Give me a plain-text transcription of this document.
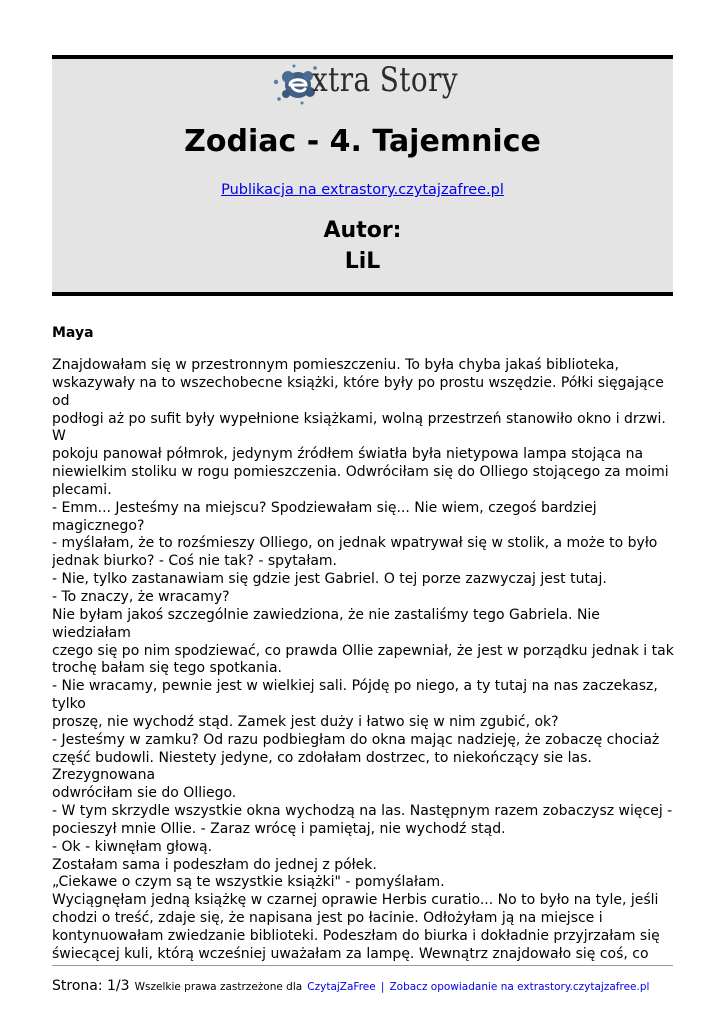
xtra Story
Zodiac - 4. Tajemnice
Publikacja na extrastory.czytajzafree.pl
Autor:
LiL
Maya

Znajdowałam się w przestronnym pomieszczeniu. To była chyba jakaś biblioteka,

wskazywały na to wszechobecne książki, które były po prostu wszędzie. Półki sięgające od

podłogi aż po sufit były wypełnione książkami, wolną przestrzeń stanowiło okno i drzwi. W

pokoju panował półmrok, jedynym źródłem światła była nietypowa lampa stojąca na

niewielkim stoliku w rogu pomieszczenia. Odwróciłam się do Olliego stojącego za moimi

plecami.

- Emm... Jesteśmy na miejscu? Spodziewałam się... Nie wiem, czegoś bardziej magicznego?

- myślałam, że to rozśmieszy Olliego, on jednak wpatrywał się w stolik, a może to było

jednak biurko? - Coś nie tak? - spytałam.

- Nie, tylko zastanawiam się gdzie jest Gabriel. O tej porze zazwyczaj jest tutaj.

- To znaczy, że wracamy?

Nie byłam jakoś szczególnie zawiedziona, że nie zastaliśmy tego Gabriela. Nie wiedziałam

czego się po nim spodziewać, co prawda Ollie zapewniał, że jest w porządku jednak i tak

trochę bałam się tego spotkania.

- Nie wracamy, pewnie jest w wielkiej sali. Pójdę po niego, a ty tutaj na nas zaczekasz, tylko

proszę, nie wychodź stąd. Zamek jest duży i łatwo się w nim zgubić, ok?

- Jesteśmy w zamku? Od razu podbiegłam do okna mając nadzieję, że zobaczę chociaż

część budowli. Niestety jedyne, co zdołałam dostrzec, to niekończący sie las. Zrezygnowana

odwróciłam sie do Olliego.

- W tym skrzydle wszystkie okna wychodzą na las. Następnym razem zobaczysz więcej -

pocieszył mnie Ollie. - Zaraz wrócę i pamiętaj, nie wychodź stąd.

- Ok - kiwnęłam głową.

Zostałam sama i podeszłam do jednej z półek.

„Ciekawe o czym są te wszystkie książki" - pomyślałam.

Wyciągnęłam jedną książkę w czarnej oprawie Herbis curatio... No to było na tyle, jeśli

chodzi o treść, zdaje się, że napisana jest po łacinie. Odłożyłam ją na miejsce i

kontynuowałam zwiedzanie biblioteki. Podeszłam do biurka i dokładnie przyjrzałam się

świecącej kuli, którą wcześniej uważałam za lampę. Wewnątrz znajdowało się coś, co

Strona: 1/3 Wszelkie prawa zastrzeżone dla CzytajZaFree | Zobacz opowiadanie na extrastory.czytajzafree.pl
